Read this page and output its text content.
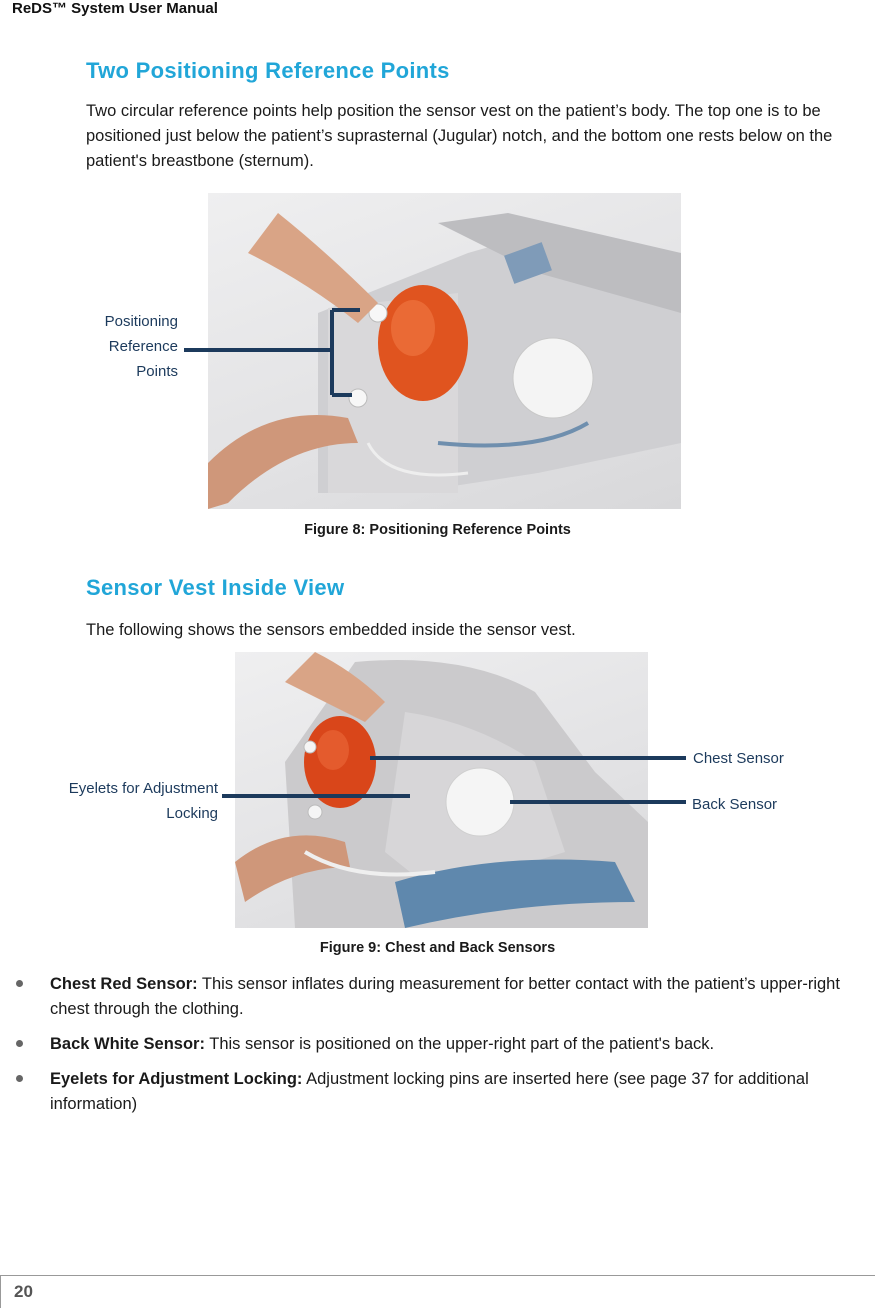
ReDS™ System User Manual
Two Positioning Reference Points
Two circular reference points help position the sensor vest on the patient’s body. The top one is to be positioned just below the patient’s suprasternal (Jugular) notch, and the bottom one rests below on the patient's breastbone (sternum).
Positioning
Reference
Points
Figure 8: Positioning Reference Points
Sensor Vest Inside View
The following shows the sensors embedded inside the sensor vest.
Eyelets for Adjustment
Locking
Chest Sensor
Back Sensor
Figure 9: Chest and Back Sensors
Chest Red Sensor: This sensor inflates during measurement for better contact with the patient’s upper-right chest through the clothing.
Back White Sensor: This sensor is positioned on the upper-right part of the patient's back.
Eyelets for Adjustment Locking: Adjustment locking pins are inserted here (see page 37 for additional information)
20
